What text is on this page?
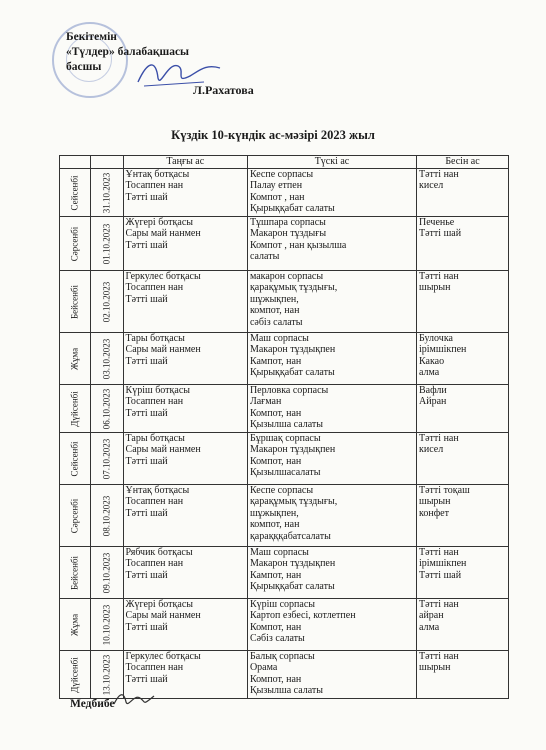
Бекітемін
«Түлдер» балабақшасы
басшы
Л.Рахатова
Күздік 10-күндік ас-мәзірі 2023 жыл
		Таңғы ас	Түскі ас	Бесін ас

Сейсенбі	31.10.2023	Ұнтақ ботқасы
Тосаппен нан
Тәтті шай	Кеспе сорпасы
Палау етпен
Компот , нан
Қырыққабат салаты	Тәтті нан
кисел

Сәрсенбі	01.10.2023	Жүгері ботқасы
Сары май нанмен
Тәтті шай	Тұшпара сорпасы
Макарон тұздығы
Компот , нан қызылша
салаты	Печенье
Тәтті шай

Бейсенбі	02.10.2023	Геркулес ботқасы
Тосаппен нан
Тәтті шай	макарон сорпасы
қарақұмық тұздығы,
шұжықпен,
компот, нан
сәбіз салаты	Тәтті нан
шырын

Жұма	03.10.2023	Тары ботқасы
Сары май нанмен
Тәтті шай	Маш сорпасы
Макарон тұздықпен
Кампот, нан
Қырыққабат салаты	Булочка
ірімшікпен
Какао
алма

Дүйсенбі	06.10.2023	Күріш ботқасы
Тосаппен нан
Тәтті шай	Перловка сорпасы
Лағман
Компот, нан
Қызылша салаты	Вафли
Айран

Сейсенбі	07.10.2023	Тары ботқасы
Сары май нанмен
Тәтті шай	Бұршақ сорпасы
Макарон тұздықпен
Компот, нан
Қызылшасалаты	Тәтті нан
кисел

Сәрсенбі	08.10.2023	Ұнтақ ботқасы
Тосаппен нан
Тәтті шай	Кеспе сорпасы
қарақұмық тұздығы,
шұжықпен,
компот, нан
қарақққабатсалаты	Тәтті тоқаш
шырын
конфет

Бейсенбі	09.10.2023	Рябчик ботқасы
Тосаппен нан
Тәтті шай	Маш сорпасы
Макарон тұздықпен
Кампот, нан
Қырыққабат салаты	Тәтті нан
ірімшікпен
Тәтті шай

Жұма	10.10.2023	Жүгері ботқасы
Сары май нанмен
Тәтті шай	Күріш сорпасы
Картоп езбесі, котлетпен
Компот, нан
Сәбіз салаты	Тәтті нан
айран
алма

Дүйсенбі	13.10.2023	Геркулес ботқасы
Тосаппен нан
Тәтті шай	Балық сорпасы
Орама
Компот, нан
Қызылша салаты	Тәтті нан
шырын
Медбибе
